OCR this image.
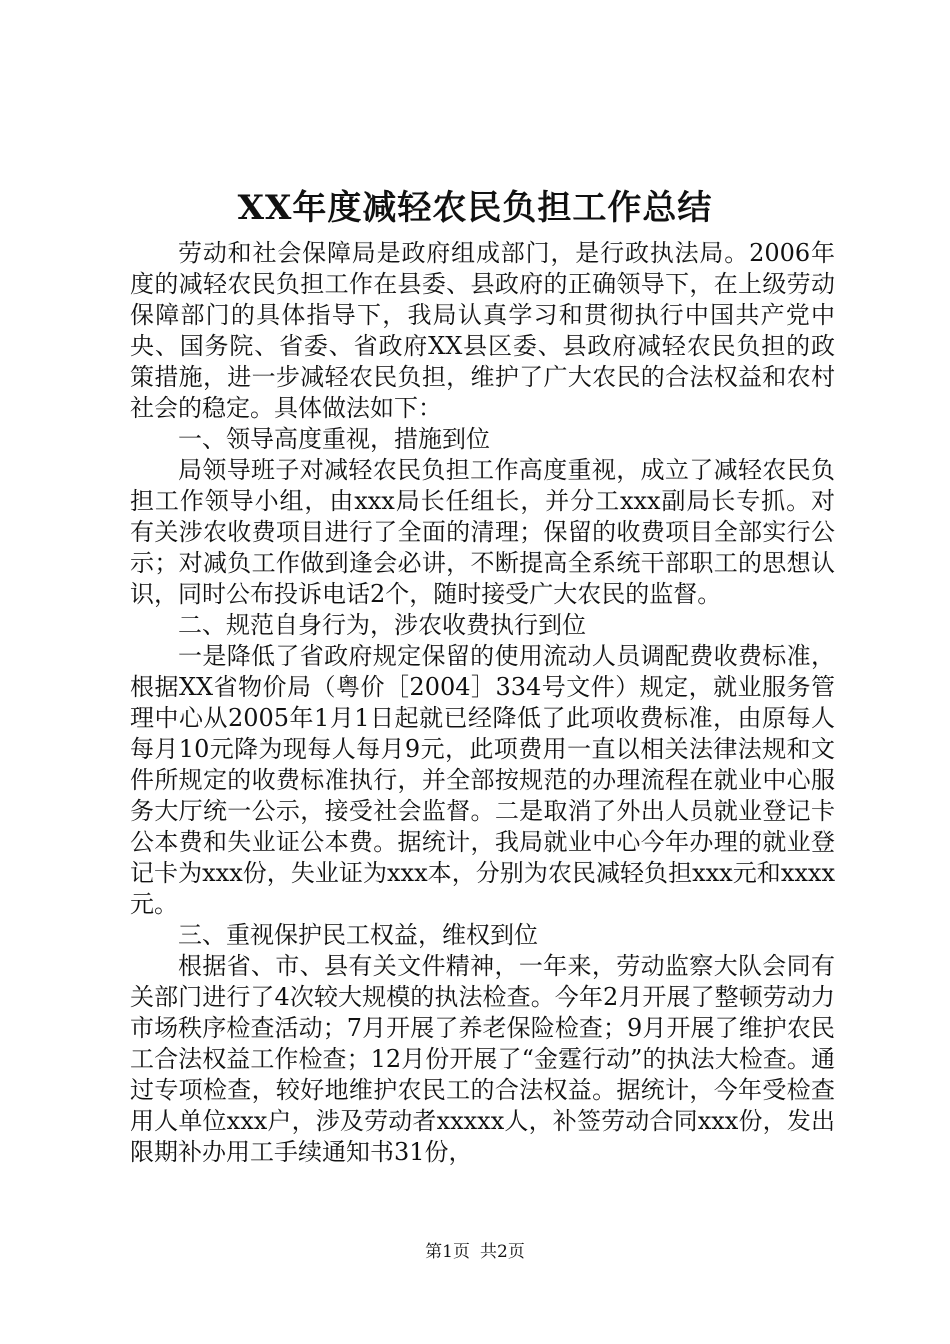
XX年度减轻农民负担工作总结

劳动和社会保障局是政府组成部门，是行政执法局。2006年度的减轻农民负担工作在县委、县政府的正确领导下，在上级劳动保障部门的具体指导下，我局认真学习和贯彻执行中国共产党中央、国务院、省委、省政府XX县区委、县政府减轻农民负担的政策措施，进一步减轻农民负担，维护了广大农民的合法权益和农村社会的稳定。具体做法如下：

一、领导高度重视，措施到位

局领导班子对减轻农民负担工作高度重视，成立了减轻农民负担工作领导小组，由xxx局长任组长，并分工xxx副局长专抓。对有关涉农收费项目进行了全面的清理；保留的收费项目全部实行公示；对减负工作做到逢会必讲，不断提高全系统干部职工的思想认识，同时公布投诉电话2个，随时接受广大农民的监督。

二、规范自身行为，涉农收费执行到位

一是降低了省政府规定保留的使用流动人员调配费收费标准，根据XX省物价局（粤价［2004］334号文件）规定，就业服务管理中心从2005年1月1日起就已经降低了此项收费标准，由原每人每月10元降为现每人每月9元，此项费用一直以相关法律法规和文件所规定的收费标准执行，并全部按规范的办理流程在就业中心服务大厅统一公示，接受社会监督。二是取消了外出人员就业登记卡公本费和失业证公本费。据统计，我局就业中心今年办理的就业登记卡为xxx份，失业证为xxx本，分别为农民减轻负担xxx元和xxxx元。

三、重视保护民工权益，维权到位

根据省、市、县有关文件精神，一年来，劳动监察大队会同有关部门进行了4次较大规模的执法检查。今年2月开展了整顿劳动力市场秩序检查活动；7月开展了养老保险检查；9月开展了维护农民工合法权益工作检查；12月份开展了“金霆行动”的执法大检查。通过专项检查，较好地维护农民工的合法权益。据统计，今年受检查用人单位xxx户，涉及劳动者xxxxx人，补签劳动合同xxx份，发出限期补办用工手续通知书31份，

第1页 共2页
